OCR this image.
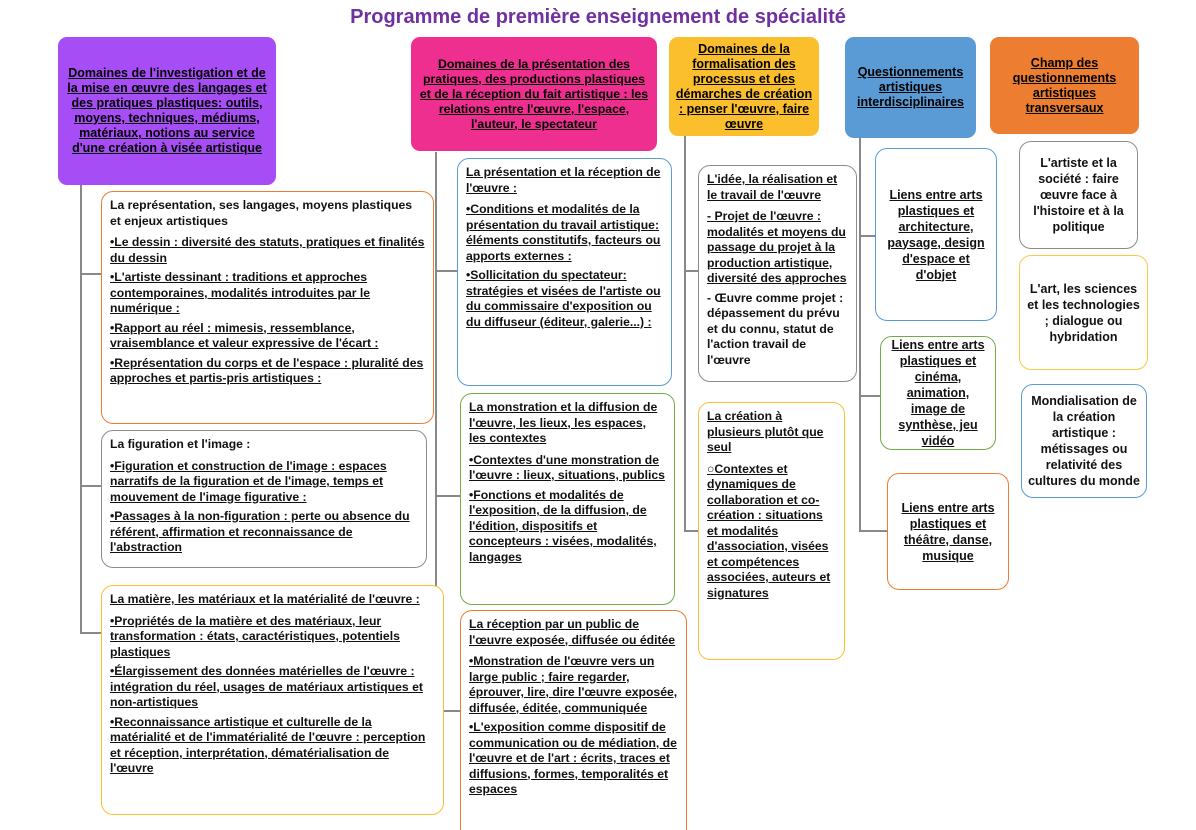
Programme de première enseignement de spécialité
Domaines de l'investigation et de la mise en œuvre des langages et des pratiques plastiques: outils, moyens, techniques, médiums, matériaux, notions au service d'une création à visée artistique
La représentation, ses langages, moyens plastiques et enjeux artistiques
•Le dessin : diversité des statuts, pratiques et finalités du dessin
•L'artiste dessinant : traditions et approches contemporaines, modalités introduites par le numérique :
•Rapport au réel : mimesis, ressemblance, vraisemblance et valeur expressive de l'écart :
•Représentation du corps et de l'espace : pluralité des approches et partis-pris artistiques :
La figuration et l'image :
•Figuration et construction de l'image : espaces narratifs de la figuration et de l'image, temps et mouvement de l'image figurative :
•Passages à la non-figuration : perte ou absence du référent, affirmation et reconnaissance de l'abstraction
La matière, les matériaux et la matérialité de l'œuvre :
•Propriétés de la matière et des matériaux, leur transformation : états, caractéristiques, potentiels plastiques
•Élargissement des données matérielles de l'œuvre : intégration du réel, usages de matériaux artistiques et non-artistiques
•Reconnaissance artistique et culturelle de la matérialité et de l'immatérialité de l'œuvre : perception et réception, interprétation, dématérialisation de l'œuvre
Domaines de la présentation des pratiques, des productions plastiques et de la réception du fait artistique : les relations entre l'œuvre, l'espace, l'auteur, le spectateur
La présentation et la réception de l'œuvre :
•Conditions et modalités de la présentation du travail artistique: éléments constitutifs, facteurs ou apports externes :
•Sollicitation du spectateur: stratégies et visées de l'artiste ou du commissaire d'exposition ou du diffuseur (éditeur, galerie...) :
La monstration et la diffusion de l'œuvre, les lieux, les espaces, les contextes
•Contextes d'une monstration de l'œuvre : lieux, situations, publics
•Fonctions et modalités de l'exposition, de la diffusion, de l'édition, dispositifs et concepteurs : visées, modalités, langages
La réception par un public de l'œuvre exposée, diffusée ou éditée
•Monstration de l'œuvre vers un large public ; faire regarder, éprouver, lire, dire l'œuvre exposée, diffusée, éditée, communiquée
•L'exposition comme dispositif de communication ou de médiation, de l'œuvre et de l'art : écrits, traces et diffusions, formes, temporalités et espaces
Domaines de la formalisation des processus et des démarches de création : penser l'œuvre, faire œuvre
L'idée, la réalisation et le travail de l'œuvre
- Projet de l'œuvre : modalités et moyens du passage du projet à la production artistique, diversité des approches
- Œuvre comme projet : dépassement du prévu et du connu, statut de l'action travail de l'œuvre
La création à plusieurs plutôt que seul
○Contextes et dynamiques de collaboration et co-création : situations et modalités d'association, visées et compétences associées, auteurs et signatures
Questionnements artistiques interdisciplinaires
Liens entre arts plastiques et architecture, paysage, design d'espace et d'objet
Liens entre arts plastiques et cinéma, animation, image de synthèse, jeu vidéo
Liens entre arts plastiques et théâtre, danse, musique
Champ des questionnements artistiques transversaux
L'artiste et la société : faire œuvre face à l'histoire et à la politique
L'art, les sciences et les technologies ; dialogue ou hybridation
Mondialisation de la création artistique : métissages ou relativité des cultures du monde
